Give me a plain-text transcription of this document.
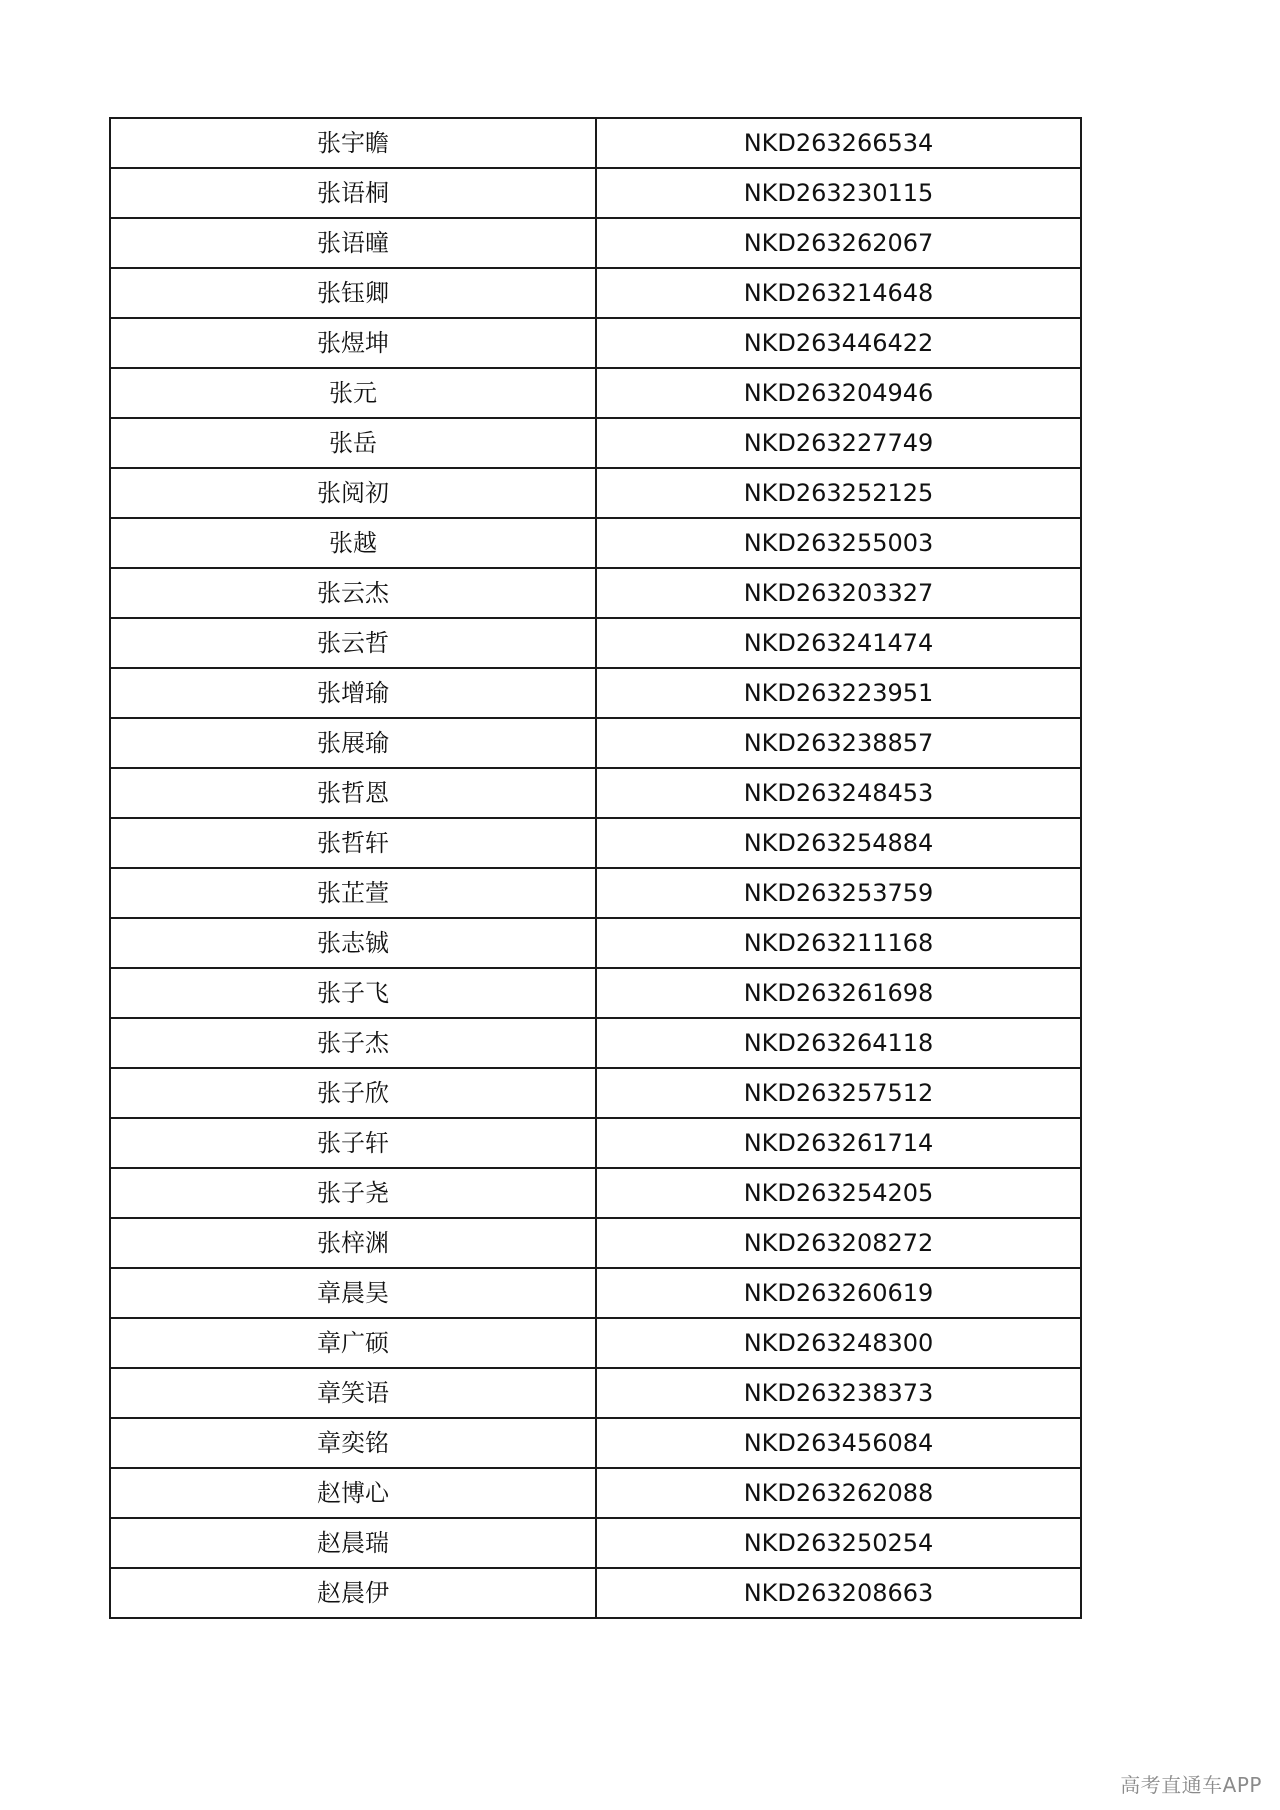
张宇瞻	NKD263266534
张语桐	NKD263230115
张语曈	NKD263262067
张钰卿	NKD263214648
张煜坤	NKD263446422
张元	NKD263204946
张岳	NKD263227749
张阅初	NKD263252125
张越	NKD263255003
张云杰	NKD263203327
张云哲	NKD263241474
张增瑜	NKD263223951
张展瑜	NKD263238857
张哲恩	NKD263248453
张哲轩	NKD263254884
张芷萱	NKD263253759
张志铖	NKD263211168
张子飞	NKD263261698
张子杰	NKD263264118
张子欣	NKD263257512
张子轩	NKD263261714
张子尧	NKD263254205
张梓渊	NKD263208272
章晨昊	NKD263260619
章广硕	NKD263248300
章笑语	NKD263238373
章奕铭	NKD263456084
赵博心	NKD263262088
赵晨瑞	NKD263250254
赵晨伊	NKD263208663
高考直通车APP
